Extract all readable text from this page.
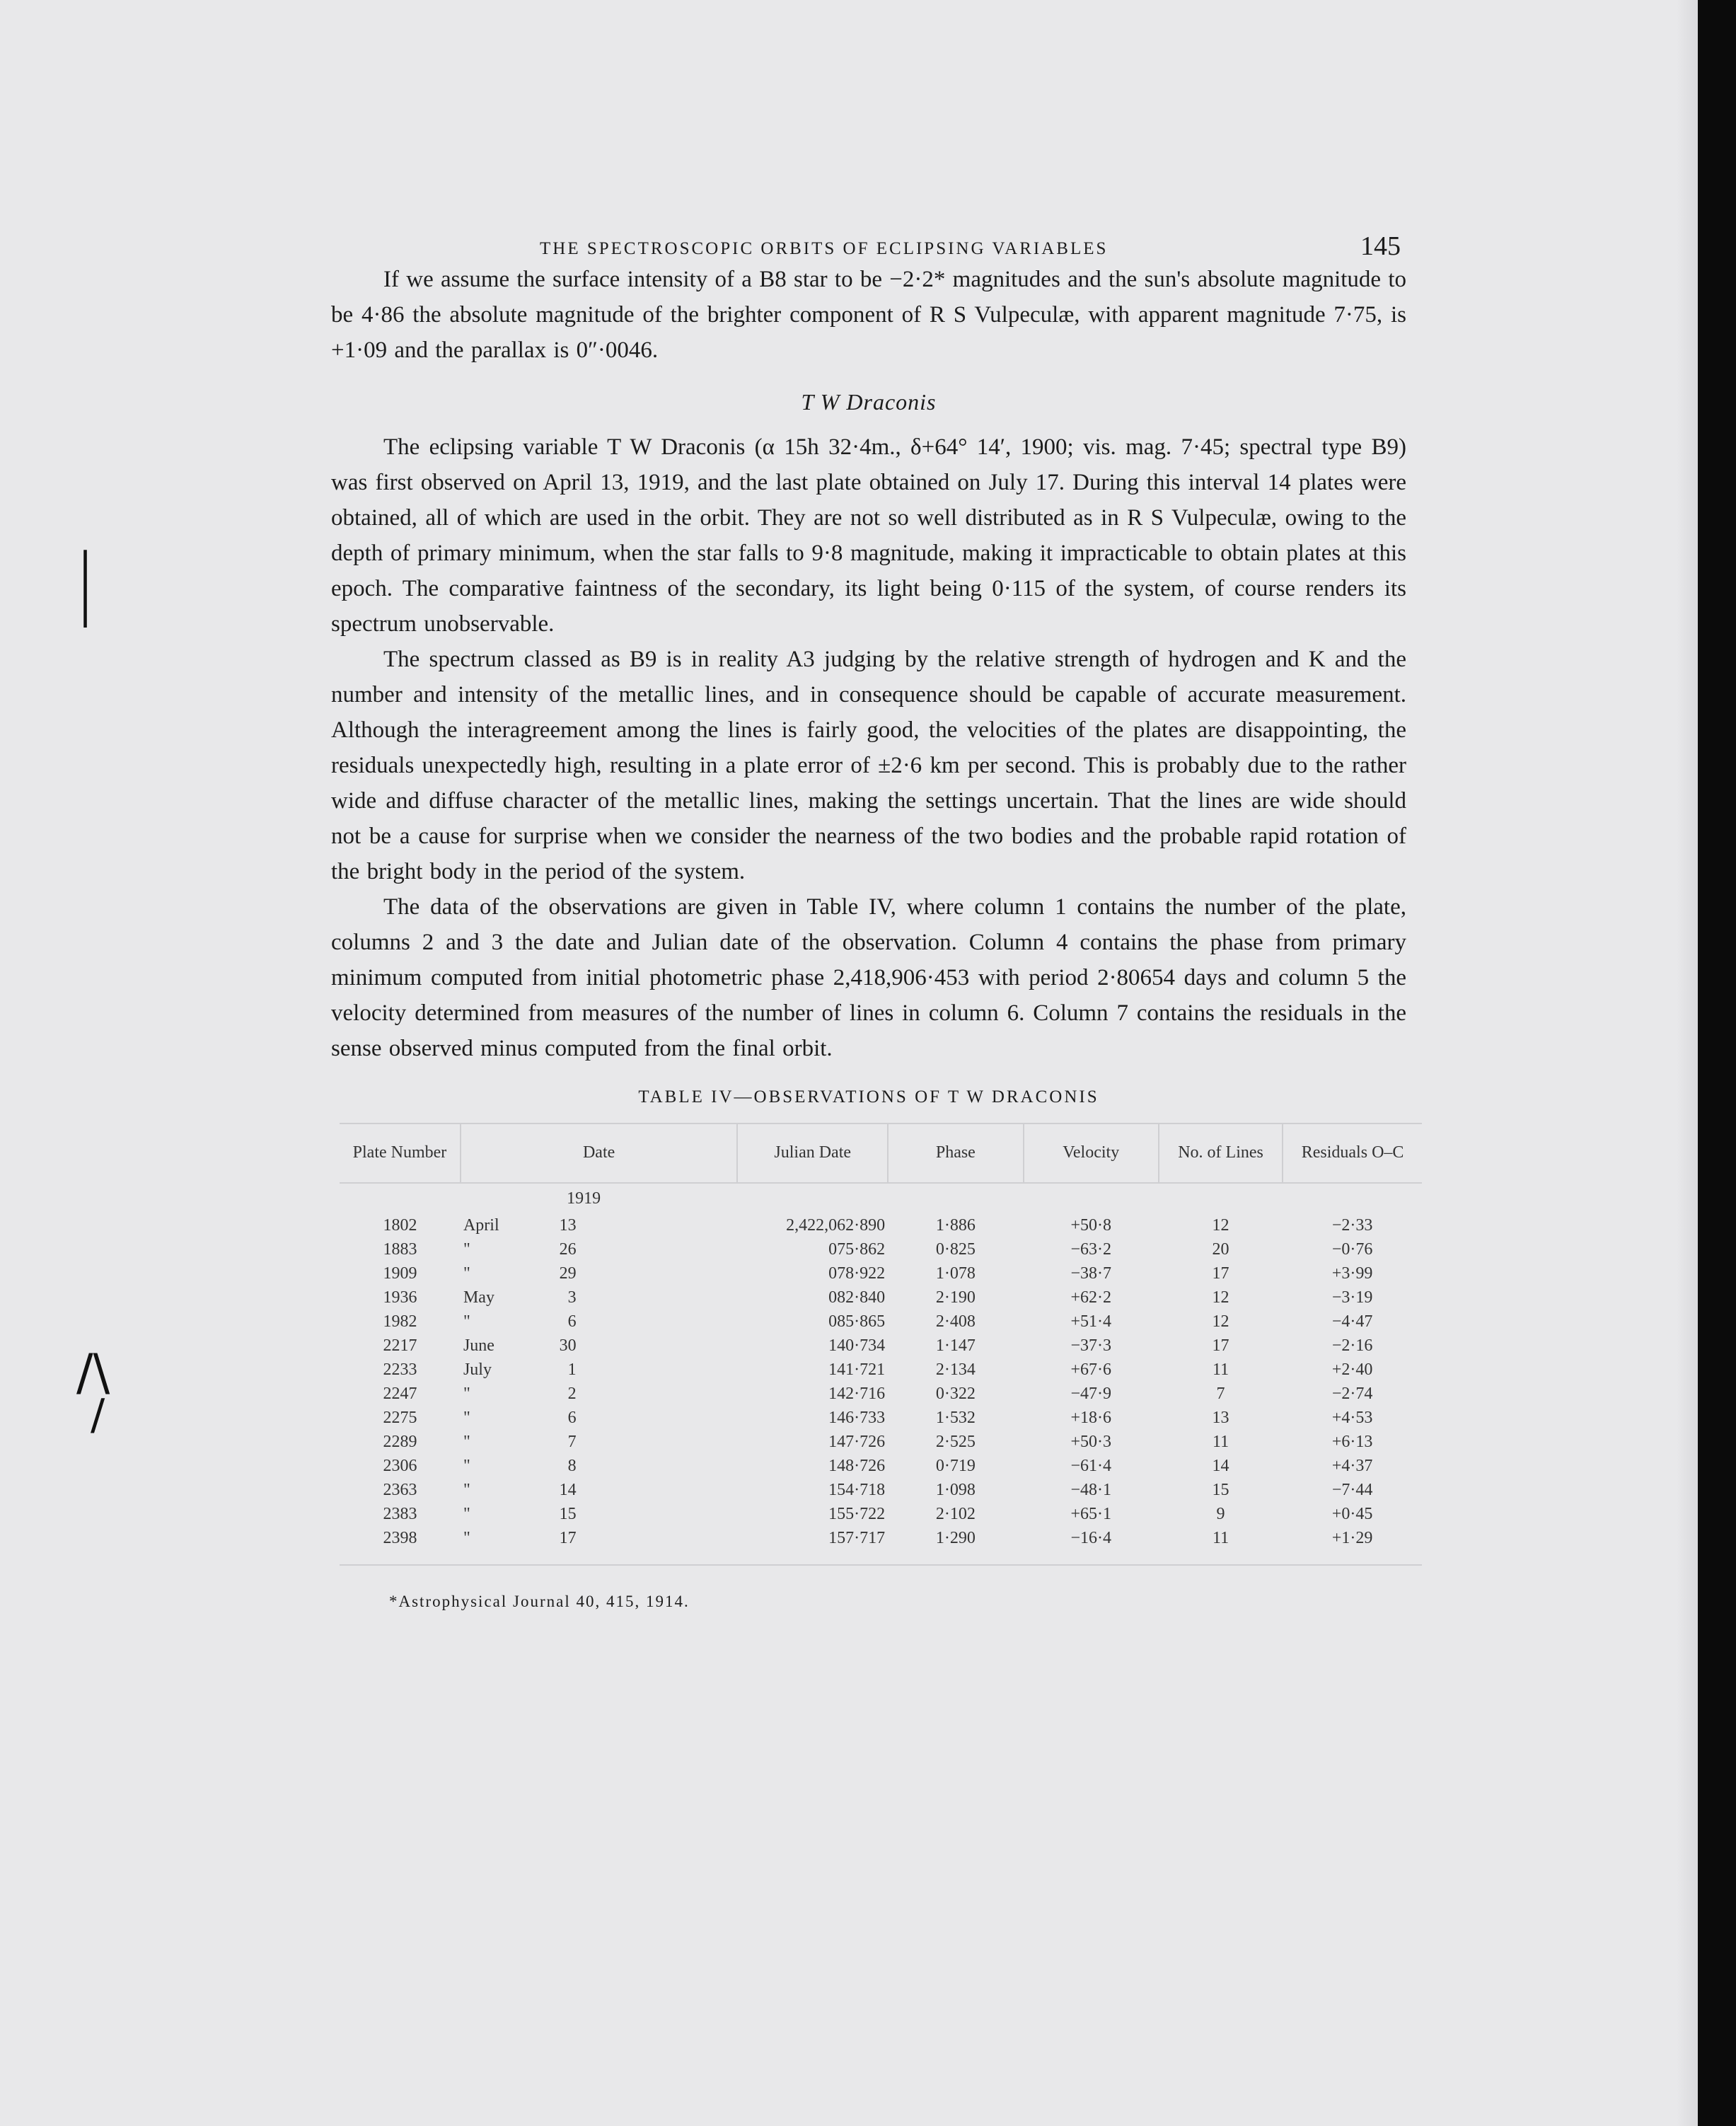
|
/\
/
THE SPECTROSCOPIC ORBITS OF ECLIPSING VARIABLES	145

If we assume the surface intensity of a B8 star to be −2·2* magnitudes and the sun's absolute magnitude to be 4·86 the absolute magnitude of the brighter component of R S Vulpeculæ, with apparent magnitude 7·75, is +1·09 and the parallax is 0″·0046.

T W Draconis

The eclipsing variable T W Draconis (α 15h 32·4m., δ+64° 14′, 1900; vis. mag. 7·45; spectral type B9) was first observed on April 13, 1919, and the last plate obtained on July 17. During this interval 14 plates were obtained, all of which are used in the orbit. They are not so well distributed as in R S Vulpeculæ, owing to the depth of primary minimum, when the star falls to 9·8 magnitude, making it impracticable to obtain plates at this epoch. The comparative faintness of the secondary, its light being 0·115 of the system, of course renders its spectrum unobservable.

The spectrum classed as B9 is in reality A3 judging by the relative strength of hydrogen and K and the number and intensity of the metallic lines, and in consequence should be capable of accurate measurement. Although the interagreement among the lines is fairly good, the velocities of the plates are disappointing, the residuals unexpectedly high, resulting in a plate error of ±2·6 km per second. This is probably due to the rather wide and diffuse character of the metallic lines, making the settings uncertain. That the lines are wide should not be a cause for surprise when we consider the nearness of the two bodies and the probable rapid rotation of the bright body in the period of the system.

The data of the observations are given in Table IV, where column 1 contains the number of the plate, columns 2 and 3 the date and Julian date of the observation. Column 4 contains the phase from primary minimum computed from initial photometric phase 2,418,906·453 with period 2·80654 days and column 5 the velocity determined from measures of the number of lines in column 6. Column 7 contains the residuals in the sense observed minus computed from the final orbit.

TABLE IV—OBSERVATIONS OF T W DRACONIS
Plate Number	Date			Julian Date	Phase	Velocity	No. of Lines	Residuals O–C
		1919						
1802	April	13		2,422,062·890	1·886	+50·8	12	−2·33
1883	"	26		075·862	0·825	−63·2	20	−0·76
1909	"	29		078·922	1·078	−38·7	17	+3·99
1936	May	3		082·840	2·190	+62·2	12	−3·19
1982	"	6		085·865	2·408	+51·4	12	−4·47
2217	June	30		140·734	1·147	−37·3	17	−2·16
2233	July	1		141·721	2·134	+67·6	11	+2·40
2247	"	2		142·716	0·322	−47·9	7	−2·74
2275	"	6		146·733	1·532	+18·6	13	+4·53
2289	"	7		147·726	2·525	+50·3	11	+6·13
2306	"	8		148·726	0·719	−61·4	14	+4·37
2363	"	14		154·718	1·098	−48·1	15	−7·44
2383	"	15		155·722	2·102	+65·1	9	+0·45
2398	"	17		157·717	1·290	−16·4	11	+1·29
*Astrophysical Journal 40, 415, 1914.
